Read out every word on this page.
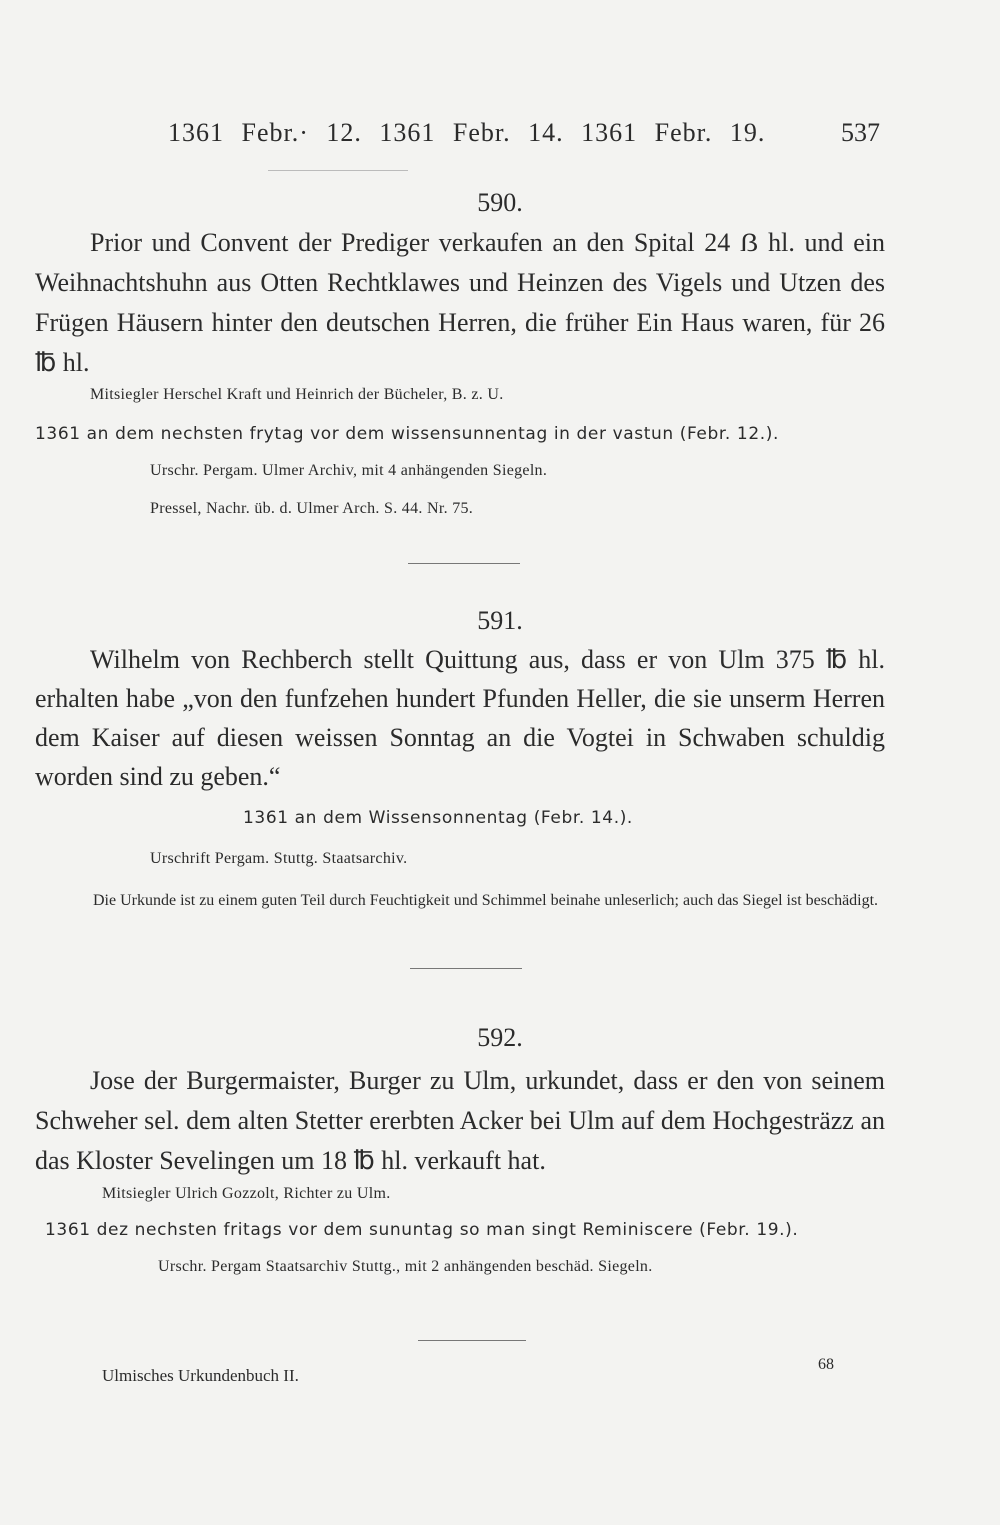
1361 Febr.· 12. 1361 Febr. 14. 1361 Febr. 19.	537
590.
Prior und Convent der Prediger verkaufen an den Spital 24 ẞ hl. und ein Weihnachtshuhn aus Otten Rechtklawes und Heinzen des Vigels und Utzen des Frügen Häusern hinter den deutschen Herren, die früher Ein Haus waren, für 26 ℔ hl.
Mitsiegler Herschel Kraft und Heinrich der Bücheler, B. z. U.
1361 an dem nechsten frytag vor dem wissensunnentag in der vastun (Febr. 12.).
Urschr. Pergam. Ulmer Archiv, mit 4 anhängenden Siegeln.
Pressel, Nachr. üb. d. Ulmer Arch. S. 44. Nr. 75.
591.
Wilhelm von Rechberch stellt Quittung aus, dass er von Ulm 375 ℔ hl. erhalten habe „von den funfzehen hundert Pfunden Heller, die sie unserm Herren dem Kaiser auf diesen weissen Sonntag an die Vogtei in Schwaben schuldig worden sind zu geben.“
1361 an dem Wissensonnentag (Febr. 14.).
Urschrift Pergam. Stuttg. Staatsarchiv.
Die Urkunde ist zu einem guten Teil durch Feuchtigkeit und Schimmel beinahe unleserlich; auch das Siegel ist beschädigt.
592.
Jose der Burgermaister, Burger zu Ulm, urkundet, dass er den von seinem Schweher sel. dem alten Stetter ererbten Acker bei Ulm auf dem Hochgesträzz an das Kloster Sevelingen um 18 ℔ hl. verkauft hat.
Mitsiegler Ulrich Gozzolt, Richter zu Ulm.
1361 dez nechsten fritags vor dem sununtag so man singt Reminiscere (Febr. 19.).
Urschr. Pergam Staatsarchiv Stuttg., mit 2 anhängenden beschäd. Siegeln.
Ulmisches Urkundenbuch II.
68
